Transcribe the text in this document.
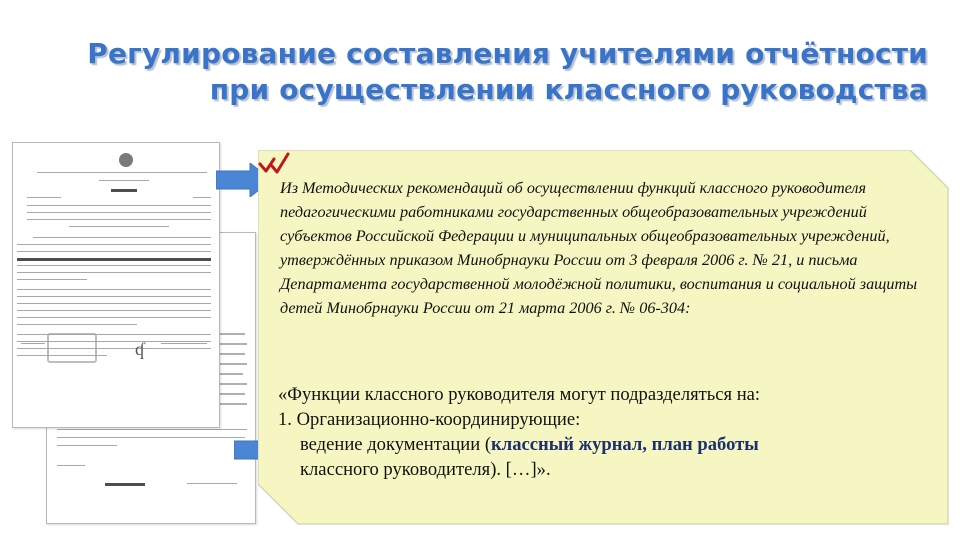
Регулирование составления учителями отчётности
при осуществлении классного руководства
ʠ

Из Методических рекомендаций об осуществлении функций классного руководителя педагогическими работниками государственных общеобразовательных учреждений субъектов Российской Федерации и муниципальных общеобразовательных учреждений, утверждённых приказом Минобрнауки России от 3 февраля 2006 г. № 21, и письма Департамента государственной молодёжной политики, воспитания и социальной защиты детей Минобрнауки России от 21 марта 2006 г. № 06-304:

«Функции классного руководителя могут подразделяться на:

1. Организационно-координирующие:

ведение документации (классный журнал, план работы

классного руководителя). […]».
